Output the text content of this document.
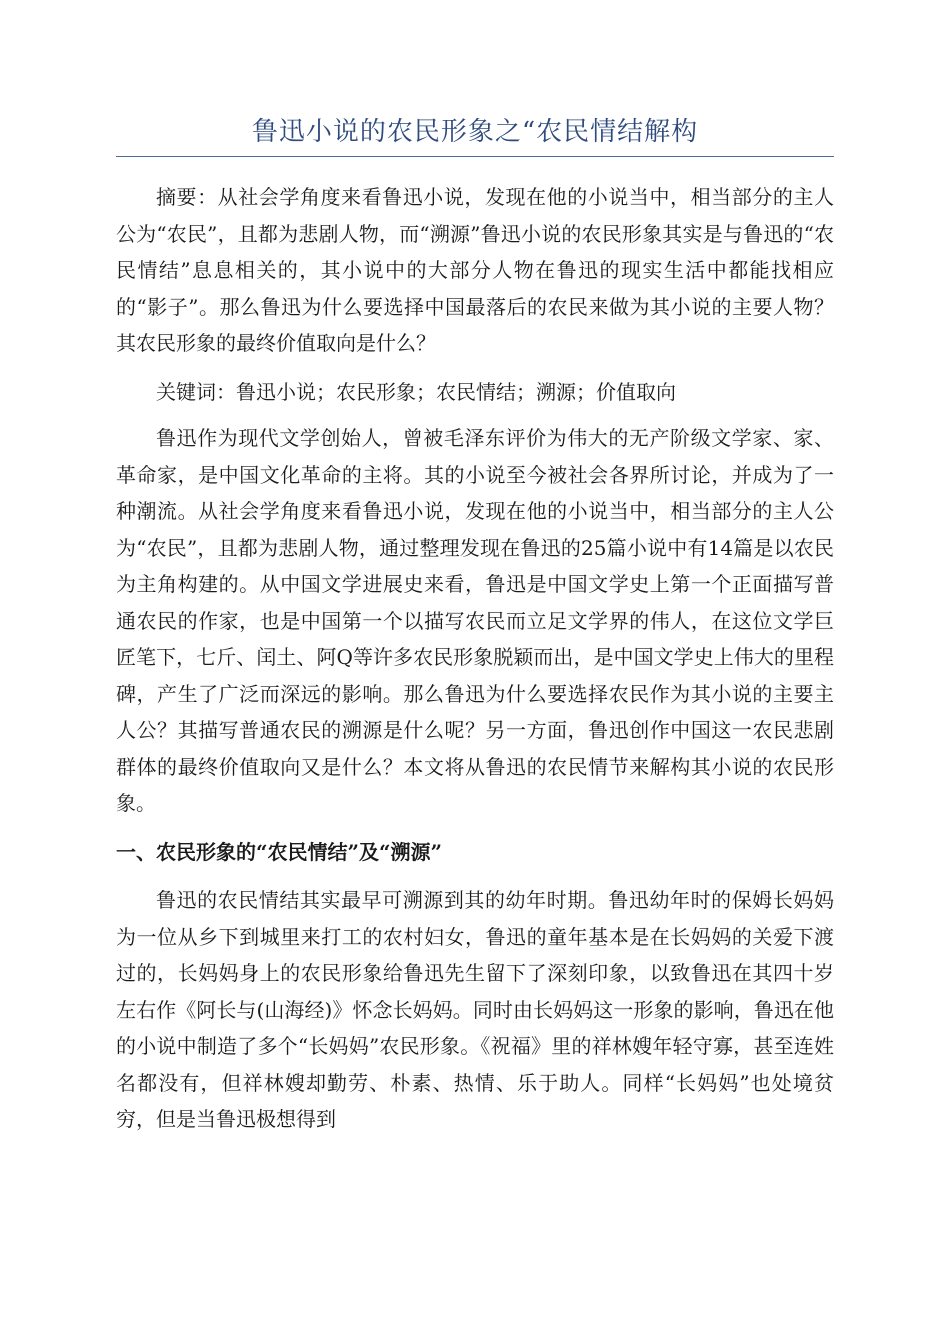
鲁迅小说的农民形象之“农民情结解构

摘要：从社会学角度来看鲁迅小说，发现在他的小说当中，相当部分的主人公为“农民”，且都为悲剧人物，而“溯源”鲁迅小说的农民形象其实是与鲁迅的“农民情结”息息相关的，其小说中的大部分人物在鲁迅的现实生活中都能找相应的“影子”。那么鲁迅为什么要选择中国最落后的农民来做为其小说的主要人物？其农民形象的最终价值取向是什么？

关键词：鲁迅小说；农民形象；农民情结；溯源；价值取向

鲁迅作为现代文学创始人，曾被毛泽东评价为伟大的无产阶级文学家、家、革命家，是中国文化革命的主将。其的小说至今被社会各界所讨论，并成为了一种潮流。从社会学角度来看鲁迅小说，发现在他的小说当中，相当部分的主人公为“农民”，且都为悲剧人物，通过整理发现在鲁迅的25篇小说中有14篇是以农民为主角构建的。从中国文学进展史来看，鲁迅是中国文学史上第一个正面描写普通农民的作家，也是中国第一个以描写农民而立足文学界的伟人，在这位文学巨匠笔下，七斤、闰土、阿Q等许多农民形象脱颖而出，是中国文学史上伟大的里程碑，产生了广泛而深远的影响。那么鲁迅为什么要选择农民作为其小说的主要主人公？其描写普通农民的溯源是什么呢？另一方面，鲁迅创作中国这一农民悲剧群体的最终价值取向又是什么？本文将从鲁迅的农民情节来解构其小说的农民形象。

一、农民形象的“农民情结”及“溯源”

鲁迅的农民情结其实最早可溯源到其的幼年时期。鲁迅幼年时的保姆长妈妈为一位从乡下到城里来打工的农村妇女，鲁迅的童年基本是在长妈妈的关爱下渡过的，长妈妈身上的农民形象给鲁迅先生留下了深刻印象，以致鲁迅在其四十岁左右作《阿长与(山海经)》怀念长妈妈。同时由长妈妈这一形象的影响，鲁迅在他的小说中制造了多个“长妈妈”农民形象。《祝福》里的祥林嫂年轻守寡，甚至连姓名都没有，但祥林嫂却勤劳、朴素、热情、乐于助人。同样“长妈妈”也处境贫穷，但是当鲁迅极想得到
